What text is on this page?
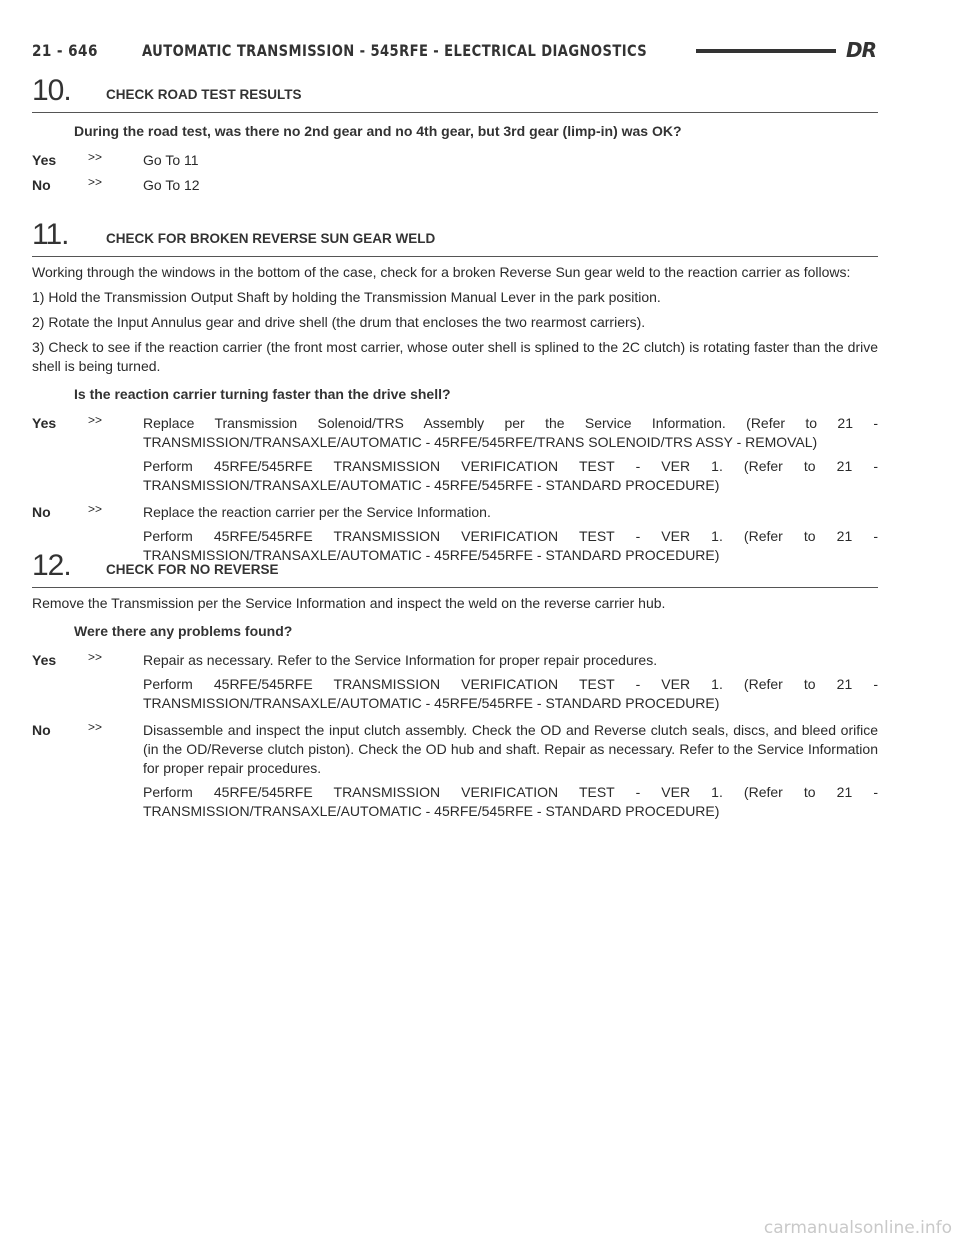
21 - 646	AUTOMATIC TRANSMISSION - 545RFE - ELECTRICAL DIAGNOSTICS	DR
10.	CHECK ROAD TEST RESULTS
During the road test, was there no 2nd gear and no 4th gear, but 3rd gear (limp-in) was OK?
Yes	>>	Go To 11
No	>>	Go To 12
11.	CHECK FOR BROKEN REVERSE SUN GEAR WELD
Working through the windows in the bottom of the case, check for a broken Reverse Sun gear weld to the reaction carrier as follows:
1) Hold the Transmission Output Shaft by holding the Transmission Manual Lever in the park position.
2) Rotate the Input Annulus gear and drive shell (the drum that encloses the two rearmost carriers).
3) Check to see if the reaction carrier (the front most carrier, whose outer shell is splined to the 2C clutch) is rotating faster than the drive shell is being turned.
Is the reaction carrier turning faster than the drive shell?
Yes	>>	Replace Transmission Solenoid/TRS Assembly per the Service Information. (Refer to 21 - TRANSMISSION/TRANSAXLE/AUTOMATIC - 45RFE/545RFE/TRANS SOLENOID/TRS ASSY - REMOVAL)
Perform 45RFE/545RFE TRANSMISSION VERIFICATION TEST - VER 1. (Refer to 21 - TRANSMISSION/TRANSAXLE/AUTOMATIC - 45RFE/545RFE - STANDARD PROCEDURE)
No	>>	Replace the reaction carrier per the Service Information.
Perform 45RFE/545RFE TRANSMISSION VERIFICATION TEST - VER 1. (Refer to 21 - TRANSMISSION/TRANSAXLE/AUTOMATIC - 45RFE/545RFE - STANDARD PROCEDURE)
12.	CHECK FOR NO REVERSE
Remove the Transmission per the Service Information and inspect the weld on the reverse carrier hub.
Were there any problems found?
Yes	>>	Repair as necessary. Refer to the Service Information for proper repair procedures.
Perform 45RFE/545RFE TRANSMISSION VERIFICATION TEST - VER 1. (Refer to 21 - TRANSMISSION/TRANSAXLE/AUTOMATIC - 45RFE/545RFE - STANDARD PROCEDURE)
No	>>	Disassemble and inspect the input clutch assembly. Check the OD and Reverse clutch seals, discs, and bleed orifice (in the OD/Reverse clutch piston). Check the OD hub and shaft. Repair as necessary. Refer to the Service Information for proper repair procedures.
Perform 45RFE/545RFE TRANSMISSION VERIFICATION TEST - VER 1. (Refer to 21 - TRANSMISSION/TRANSAXLE/AUTOMATIC - 45RFE/545RFE - STANDARD PROCEDURE)
carmanualsonline.info
